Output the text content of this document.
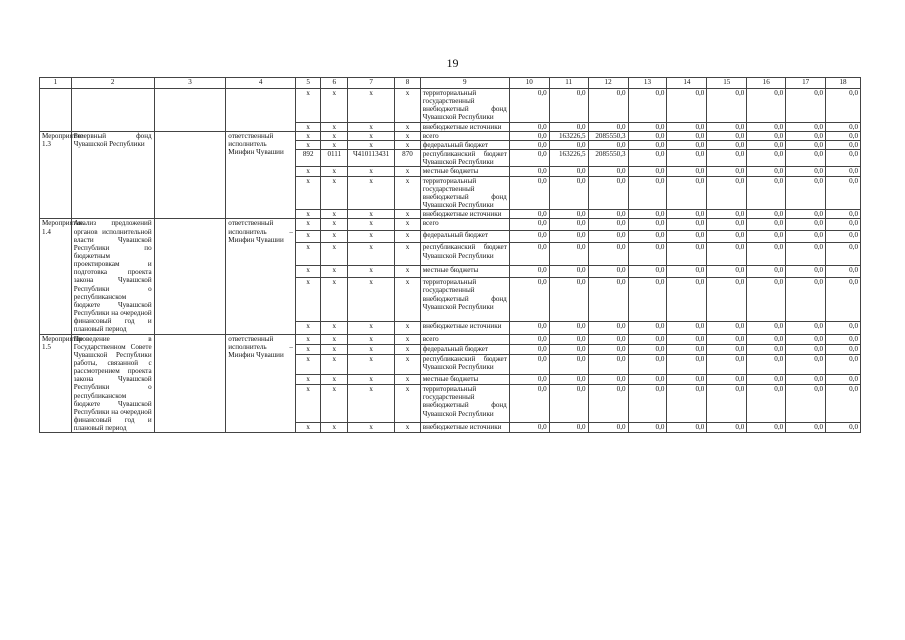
19
1	2	3	4	5	6	7	8	9	10	11	12	13	14	15	16	17	18
				x	x	x	x	территориальный государственный внебюджетный фонд Чувашской Республики	0,0	0,0	0,0	0,0	0,0	0,0	0,0	0,0	0,0
				x	x	x	x	внебюджетные источники	0,0	0,0	0,0	0,0	0,0	0,0	0,0	0,0	0,0
Мероприятие 1.3	Резервный фонд Чувашской Республики		ответственный исполнитель Минфин Чувашии	x	x	x	x	всего	0,0	163226,5	2085550,3	0,0	0,0	0,0	0,0	0,0	0,0
				x	x	x	x	федеральный бюджет	0,0	0,0	0,0	0,0	0,0	0,0	0,0	0,0	0,0
				892	0111	Ч410113431	870	республиканский бюджет Чувашской Республики	0,0	163226,5	2085550,3	0,0	0,0	0,0	0,0	0,0	0,0
				x	x	x	x	местные бюджеты	0,0	0,0	0,0	0,0	0,0	0,0	0,0	0,0	0,0
				x	x	x	x	территориальный государственный внебюджетный фонд Чувашской Республики	0,0	0,0	0,0	0,0	0,0	0,0	0,0	0,0	0,0
				x	x	x	x	внебюджетные источники	0,0	0,0	0,0	0,0	0,0	0,0	0,0	0,0	0,0
Мероприятие 1.4	Анализ предложений органов исполнительной власти Чувашской Республики по бюджетным проектировкам и подготовка проекта закона Чувашской Республики о республиканском бюджете Чувашской Республики на очередной финансовый год и плановый период		ответственный исполнитель – Минфин Чувашии	x	x	x	x	всего	0,0	0,0	0,0	0,0	0,0	0,0	0,0	0,0	0,0
				x	x	x	x	федеральный бюджет	0,0	0,0	0,0	0,0	0,0	0,0	0,0	0,0	0,0
				x	x	x	x	республиканский бюджет Чувашской Республики	0,0	0,0	0,0	0,0	0,0	0,0	0,0	0,0	0,0
				x	x	x	x	местные бюджеты	0,0	0,0	0,0	0,0	0,0	0,0	0,0	0,0	0,0
				x	x	x	x	территориальный государственный внебюджетный фонд Чувашской Республики	0,0	0,0	0,0	0,0	0,0	0,0	0,0	0,0	0,0
				x	x	x	x	внебюджетные источники	0,0	0,0	0,0	0,0	0,0	0,0	0,0	0,0	0,0
Мероприятие 1.5	Проведение в Государственном Совете Чувашской Республики работы, связанной с рассмотрением проекта закона Чувашской Республики о республиканском бюджете Чувашской Республики на очередной финансовый год и плановый период		ответственный исполнитель – Минфин Чувашии	x	x	x	x	всего	0,0	0,0	0,0	0,0	0,0	0,0	0,0	0,0	0,0
				x	x	x	x	федеральный бюджет	0,0	0,0	0,0	0,0	0,0	0,0	0,0	0,0	0,0
				x	x	x	x	республиканский бюджет Чувашской Республики	0,0	0,0	0,0	0,0	0,0	0,0	0,0	0,0	0,0
				x	x	x	x	местные бюджеты	0,0	0,0	0,0	0,0	0,0	0,0	0,0	0,0	0,0
				x	x	x	x	территориальный государственный внебюджетный фонд Чувашской Республики	0,0	0,0	0,0	0,0	0,0	0,0	0,0	0,0	0,0
				x	x	x	x	внебюджетные источники	0,0	0,0	0,0	0,0	0,0	0,0	0,0	0,0	0,0
